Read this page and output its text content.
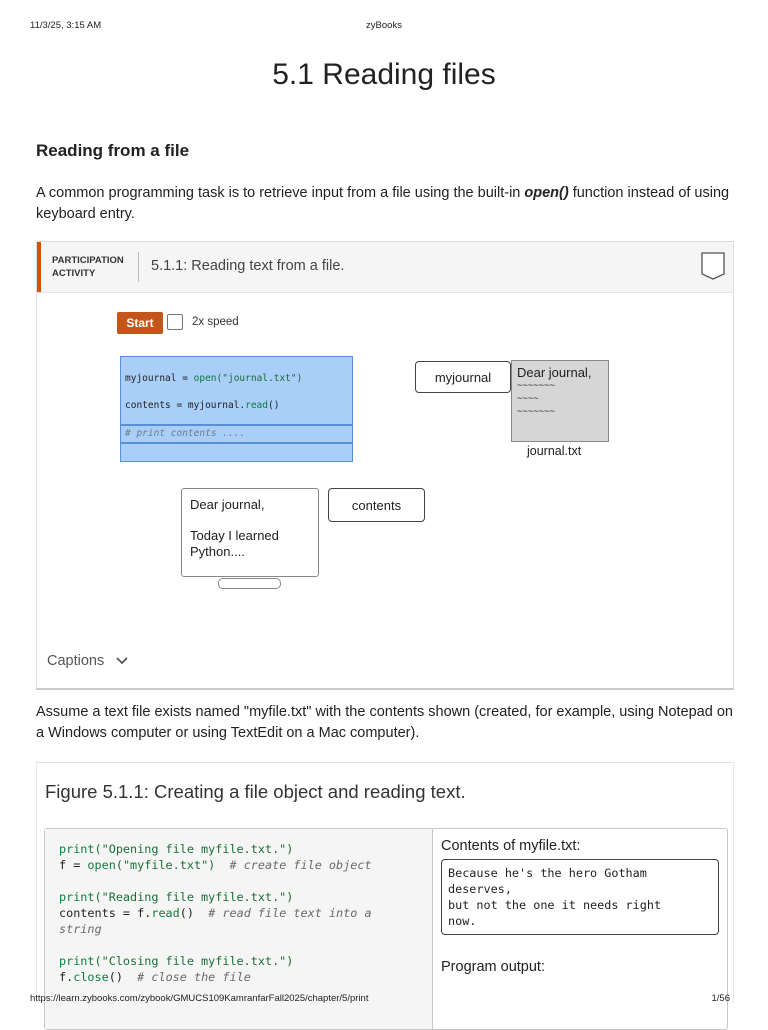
11/3/25, 3:15 AM	zyBooks
5.1 Reading files
Reading from a file

A common programming task is to retrieve input from a file using the built-in open() function instead of using keyboard entry.

PARTICIPATION ACTIVITY	5.1.1: Reading text from a file.
Start	2x speed
myjournal = open("journal.txt")
contents = myjournal.read()
# print contents ....
myjournal	Dear journal,
~~~~~~~
~~~~
~~~~~~~
journal.txt
Dear journal,
Today I learned
Python....
contents
Captions

Assume a text file exists named "myfile.txt" with the contents shown (created, for example, using Notepad on a Windows computer or using TextEdit on a Mac computer).

Figure 5.1.1: Creating a file object and reading text.
print("Opening file myfile.txt.")
f = open("myfile.txt")  # create file object
print("Reading file myfile.txt.")
contents = f.read()  # read file text into a
string
print("Closing file myfile.txt.")
f.close()  # close the file
Contents of myfile.txt:
Because he's the hero Gotham
deserves,
but not the one it needs right
now.
Program output:
https://learn.zybooks.com/zybook/GMUCS109KamranfarFall2025/chapter/5/print	1/56
